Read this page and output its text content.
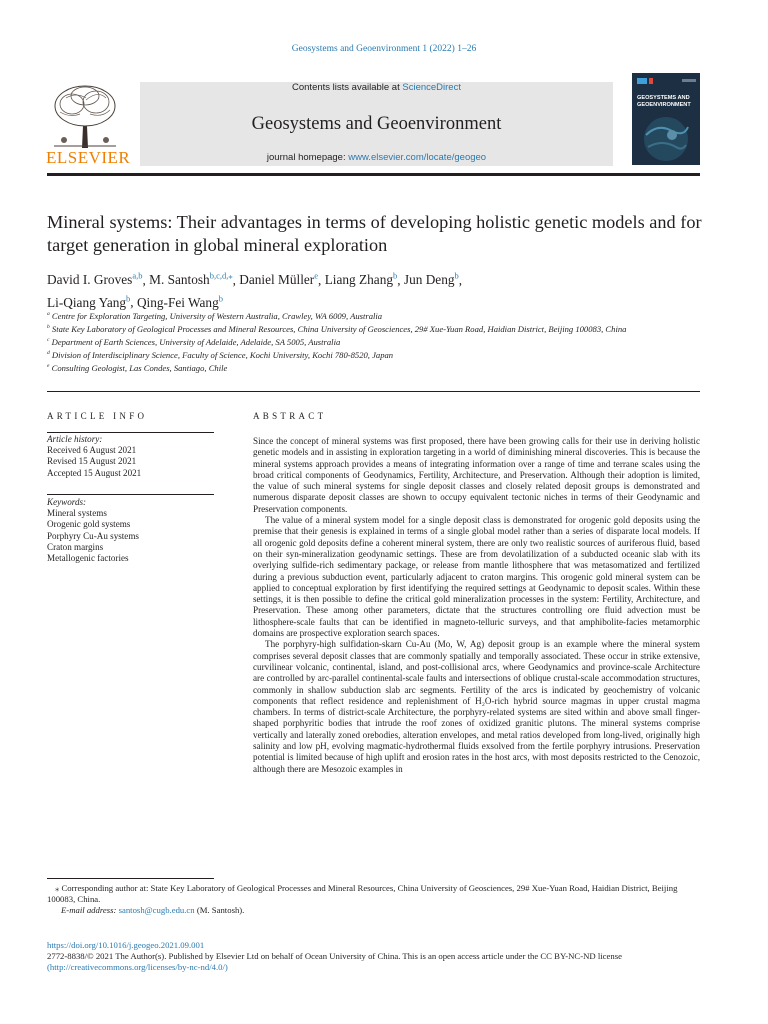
Geosystems and Geoenvironment 1 (2022) 1–26
ELSEVIER
Contents lists available at ScienceDirect
Geosystems and Geoenvironment
journal homepage: www.elsevier.com/locate/geogeo
GEOSYSTEMS AND GEOENVIRONMENT
Mineral systems: Their advantages in terms of developing holistic genetic models and for target generation in global mineral exploration
David I. Groves$^{a,b}$, M. Santosh$^{b,c,d,⁎}$, Daniel Müller$^e$, Liang Zhang$^b$, Jun Deng$^b$,
Li-Qiang Yang$^b$, Qing-Fei Wang$^b$
$^a$ Centre for Exploration Targeting, University of Western Australia, Crawley, WA 6009, Australia
$^b$ State Key Laboratory of Geological Processes and Mineral Resources, China University of Geosciences, 29# Xue-Yuan Road, Haidian District, Beijing 100083, China
$^c$ Department of Earth Sciences, University of Adelaide, Adelaide, SA 5005, Australia
$^d$ Division of Interdisciplinary Science, Faculty of Science, Kochi University, Kochi 780-8520, Japan
$^e$ Consulting Geologist, Las Condes, Santiago, Chile
ARTICLE INFO
Article history:
Received 6 August 2021
Revised 15 August 2021
Accepted 15 August 2021
Keywords:
Mineral systems
Orogenic gold systems
Porphyry Cu-Au systems
Craton margins
Metallogenic factories
ABSTRACT

Since the concept of mineral systems was first proposed, there have been growing calls for their use in deriving holistic genetic models and in assisting in exploration targeting in a world of diminishing mineral discoveries. This is because the mineral systems approach provides a means of integrating information over a range of time and terrane scales using the broad critical components of Geodynamics, Fertility, Architecture, and Preservation. Although their adoption is limited, the value of such mineral systems for single deposit classes and closely related deposit groups is demonstrated and numerous disparate deposit classes are shown to occupy equivalent tectonic niches in terms of their Geodynamic and Preservation components.

The value of a mineral system model for a single deposit class is demonstrated for orogenic gold deposits using the premise that their genesis is explained in terms of a single global model rather than a series of disparate local models. If all orogenic gold deposits define a coherent mineral system, there are only two realistic sources of auriferous fluid, based on their syn-mineralization geodynamic settings. These are from devolatilization of a subducted oceanic slab with its overlying sulfide-rich sedimentary package, or release from mantle lithosphere that was metasomatized and fertilized during a previous subduction event, particularly adjacent to craton margins. This orogenic gold mineral system can be applied to conceptual exploration by first identifying the required settings at Geodynamic to deposit scales. Within these settings, it is then possible to define the critical gold mineralization processes in the system: Fertility, Architecture, and Preservation. These among other parameters, dictate that the structures controlling ore fluid advection must be lithosphere-scale faults that can be identified in magneto-telluric surveys, and that amphibolite-facies metamorphic domains are prospective exploration search spaces.

The porphyry-high sulfidation-skarn Cu-Au (Mo, W, Ag) deposit group is an example where the mineral system comprises several deposit classes that are commonly spatially and temporally associated. These occur in strike extensive, curvilinear volcanic, continental, island, and post-collisional arcs, where Geodynamics and province-scale Architecture are controlled by arc-parallel continental-scale faults and intersections of oblique crustal-scale accommodation structures, commonly in shallow subduction slab arc segments. Fertility of the arcs is indicated by geochemistry of volcanic components that reflect residence and replenishment of H₂O-rich hybrid source magmas in upper crustal magma chambers. In terms of district-scale Architecture, the porphyry-related systems are sited within and above small finger-shaped porphyritic bodies that intrude the roof zones of oxidized granitic plutons. The mineral systems comprise vertically and laterally zoned orebodies, alteration envelopes, and metal ratios developed from long-lived, originally high salinity and low pH, evolving magmatic-hydrothermal fluids exsolved from the fertile porphyry intrusions. Preservation potential is limited because of high uplift and erosion rates in the host arcs, with most deposits restricted to the Cenozoic, although there are Mesozoic examples in

⁎ Corresponding author at: State Key Laboratory of Geological Processes and Mineral Resources, China University of Geosciences, 29# Xue-Yuan Road, Haidian District, Beijing 100083, China.
E-mail address: santosh@cugb.edu.cn (M. Santosh).
https://doi.org/10.1016/j.geogeo.2021.09.001
2772-8838/© 2021 The Author(s). Published by Elsevier Ltd on behalf of Ocean University of China. This is an open access article under the CC BY-NC-ND license
(http://creativecommons.org/licenses/by-nc-nd/4.0/)
